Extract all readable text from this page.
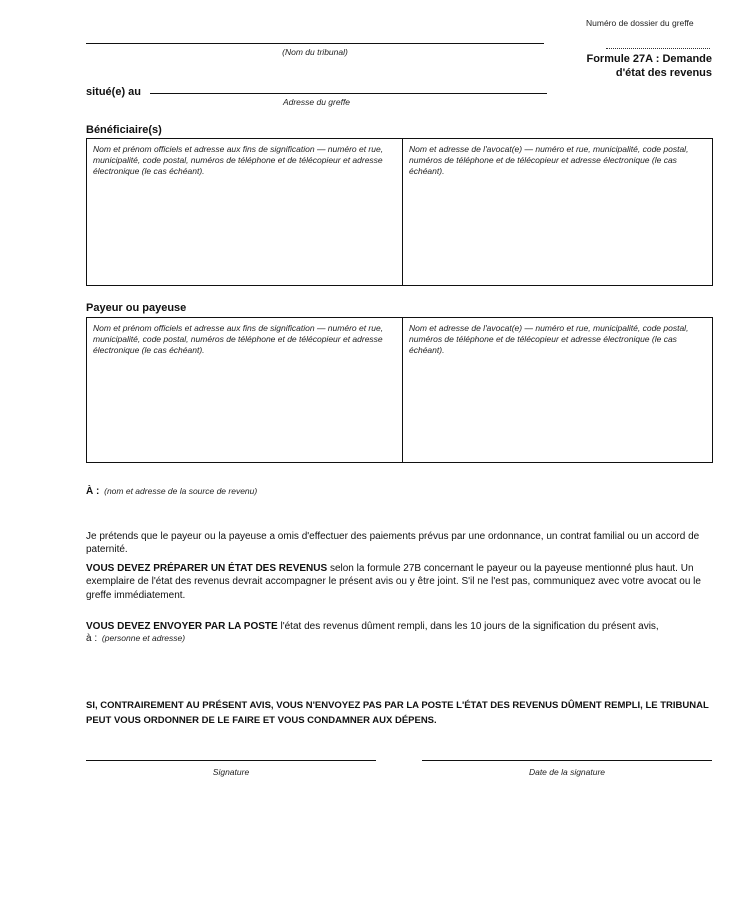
Numéro de dossier du greffe
Formule 27A : Demande
d'état des revenus
(Nom du tribunal)
situé(e) au
Adresse du greffe
Bénéficiaire(s)
Nom et prénom officiels et adresse aux fins de signification — numéro et rue, municipalité, code postal, numéros de téléphone et de télécopieur et adresse électronique (le cas échéant).
Nom et adresse de l'avocat(e) — numéro et rue, municipalité, code postal, numéros de téléphone et de télécopieur et adresse électronique (le cas échéant).
Payeur ou payeuse
Nom et prénom officiels et adresse aux fins de signification — numéro et rue, municipalité, code postal, numéros de téléphone et de télécopieur et adresse électronique (le cas échéant).
Nom et adresse de l'avocat(e) — numéro et rue, municipalité, code postal, numéros de téléphone et de télécopieur et adresse électronique (le cas échéant).
À : (nom et adresse de la source de revenu)
Je prétends que le payeur ou la payeuse a omis d'effectuer des paiements prévus par une ordonnance, un contrat familial ou un accord de paternité.
VOUS DEVEZ PRÉPARER UN ÉTAT DES REVENUS selon la formule 27B concernant le payeur ou la payeuse mentionné plus haut. Un exemplaire de l'état des revenus devrait accompagner le présent avis ou y être joint. S'il ne l'est pas, communiquez avec votre avocat ou le greffe immédiatement.
VOUS DEVEZ ENVOYER PAR LA POSTE l'état des revenus dûment rempli, dans les 10 jours de la signification du présent avis,
à : (personne et adresse)
SI, CONTRAIREMENT AU PRÉSENT AVIS, VOUS N'ENVOYEZ PAS PAR LA POSTE L'ÉTAT DES REVENUS DÛMENT REMPLI, LE TRIBUNAL PEUT VOUS ORDONNER DE LE FAIRE ET VOUS CONDAMNER AUX DÉPENS.
Signature	Date de la signature
